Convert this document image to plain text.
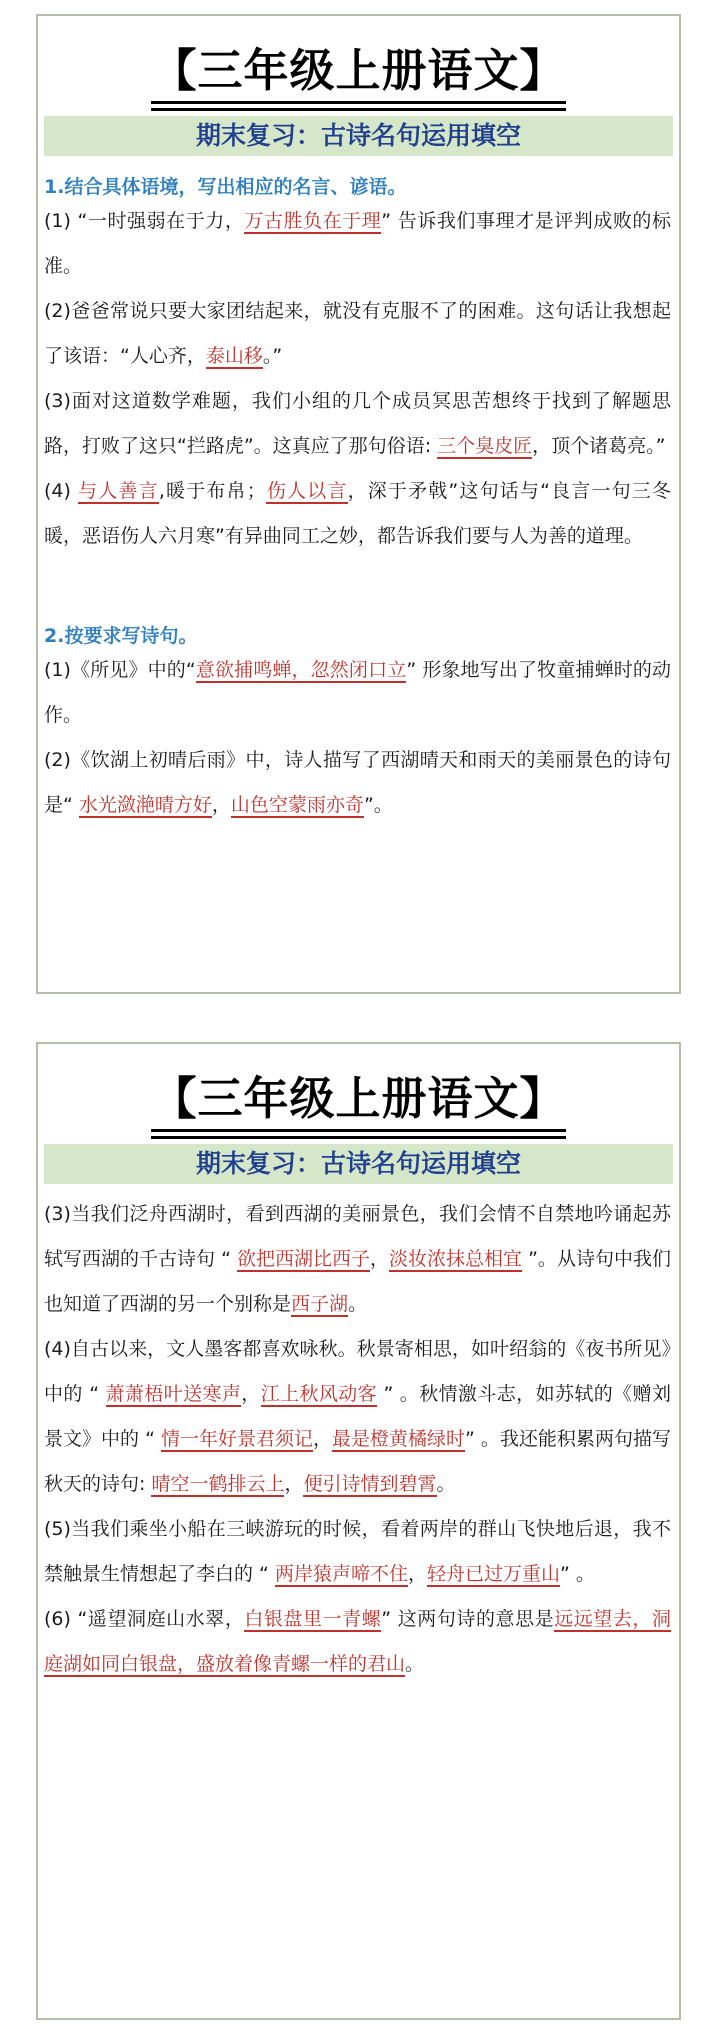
【三年级上册语文】
期末复习：古诗名句运用填空
1.结合具体语境，写出相应的名言、谚语。
(1) “一时强弱在于力，万古胜负在于理” 告诉我们事理才是评判成败的标准。
(2)爸爸常说只要大家团结起来，就没有克服不了的困难。这句话让我想起了该语：“人心齐，泰山移。”
(3)面对这道数学难题，我们小组的几个成员冥思苦想终于找到了解题思路，打败了这只“拦路虎”。这真应了那句俗语: 三个臭皮匠，顶个诸葛亮。”
(4) 与人善言,暖于布帛；伤人以言，深于矛戟”这句话与“良言一句三冬暖，恶语伤人六月寒”有异曲同工之妙，都告诉我们要与人为善的道理。
2.按要求写诗句。
(1)《所见》中的“意欲捕鸣蝉，忽然闭口立” 形象地写出了牧童捕蝉时的动作。
(2)《饮湖上初晴后雨》中，诗人描写了西湖晴天和雨天的美丽景色的诗句是“ 水光潋滟晴方好，山色空蒙雨亦奇”。
【三年级上册语文】
期末复习：古诗名句运用填空
(3)当我们泛舟西湖时，看到西湖的美丽景色，我们会情不自禁地吟诵起苏轼写西湖的千古诗句 “ 欲把西湖比西子，淡妆浓抹总相宜 ”。从诗句中我们也知道了西湖的另一个别称是西子湖。
(4)自古以来，文人墨客都喜欢咏秋。秋景寄相思，如叶绍翁的《夜书所见》中的 “ 萧萧梧叶送寒声，江上秋风动客 ” 。秋情激斗志，如苏轼的《赠刘景文》中的 “ 情一年好景君须记，最是橙黄橘绿时” 。我还能积累两句描写秋天的诗句: 晴空一鹤排云上，便引诗情到碧霄。
(5)当我们乘坐小船在三峡游玩的时候，看着两岸的群山飞快地后退，我不禁触景生情想起了李白的 “ 两岸猿声啼不住，轻舟已过万重山” 。
(6) “遥望洞庭山水翠，白银盘里一青螺” 这两句诗的意思是远远望去，洞庭湖如同白银盘，盛放着像青螺一样的君山。
